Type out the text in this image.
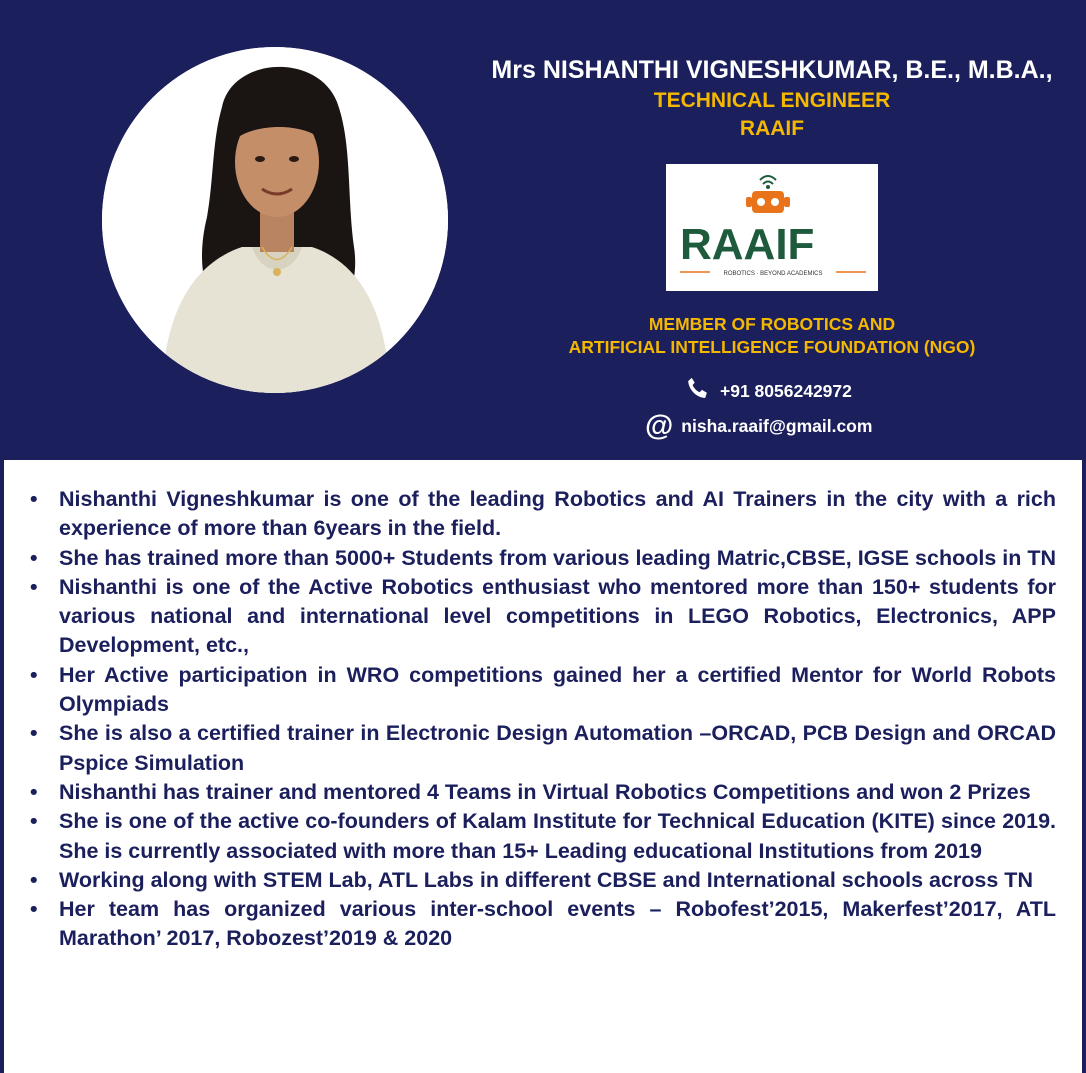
Mrs NISHANTHI VIGNESHKUMAR, B.E., M.B.A.,
TECHNICAL ENGINEER
RAAIF
RAAIF
ROBOTICS · BEYOND ACADEMICS
MEMBER OF ROBOTICS AND
ARTIFICIAL INTELLIGENCE FOUNDATION (NGO)
+91 8056242972
@ nisha.raaif@gmail.com
• Nishanthi Vigneshkumar is one of the leading Robotics and AI Trainers in the city with a rich experience of more than 6years in the field.
• She has trained more than 5000+ Students from various leading Matric,CBSE, IGSE schools in TN
• Nishanthi is one of the Active Robotics enthusiast who mentored more than 150+ students for various national and international level competitions in LEGO Robotics, Electronics, APP Development, etc.,
• Her Active participation in WRO competitions gained her a certified Mentor for World Robots Olympiads
• She is also a certified trainer in Electronic Design Automation –ORCAD, PCB Design and ORCAD Pspice Simulation
• Nishanthi has trainer and mentored 4 Teams in Virtual Robotics Competitions and won 2 Prizes
• She is one of the active co-founders of Kalam Institute for Technical Education (KITE) since 2019. She is currently associated with more than 15+ Leading educational Institutions from 2019
• Working along with STEM Lab, ATL Labs in different CBSE and International schools across TN
• Her team has organized various inter-school events – Robofest’2015, Makerfest’2017, ATL Marathon’ 2017, Robozest’2019 & 2020
